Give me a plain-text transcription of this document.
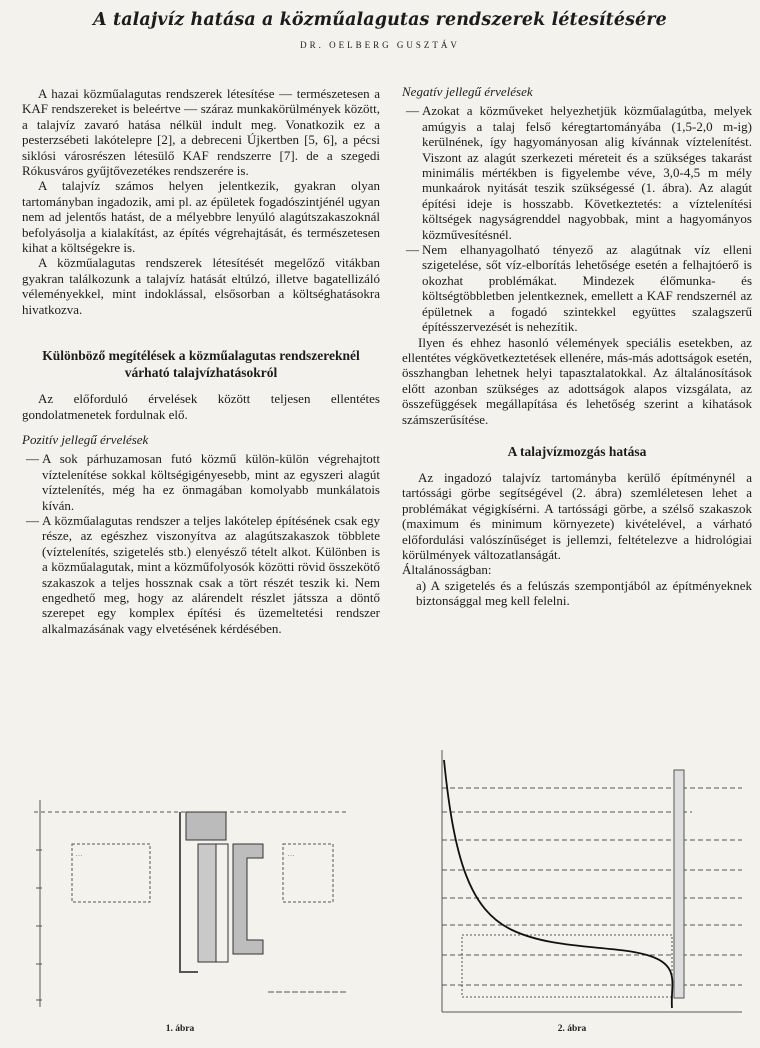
A talajvíz hatása a közműalagutas rendszerek létesítésére
DR. OELBERG GUSZTÁV

A hazai közműalagutas rendszerek létesítése — természetesen a KAF rendszereket is beleértve — száraz munkakörülmények között, a talajvíz zavaró hatása nélkül indult meg. Vonatkozik ez a pesterzsébeti lakótelepre [2], a debreceni Újkertben [5, 6], a pécsi siklósi városrészen létesülő KAF rendszerre [7]. de a szegedi Rókusváros gyűjtővezetékes rendszerére is.

A talajvíz számos helyen jelentkezik, gyakran olyan tartományban ingadozik, ami pl. az épületek fogadószintjénél ugyan nem ad jelentős hatást, de a mélyebbre lenyúló alagútszakaszoknál befolyásolja a kialakítást, az építés végrehajtását, és természetesen kihat a költségekre is.

A közműalagutas rendszerek létesítését megelőző vitákban gyakran találkozunk a talajvíz hatását eltúlzó, illetve bagatellizáló véleményekkel, mint indoklással, elsősorban a költséghatásokra hivatkozva.

Különböző megítélések a közműalagutas rendszereknél várható talajvízhatásokról

Az előforduló érvelések között teljesen ellentétes gondolatmenetek fordulnak elő.

Pozitív jellegű érvelések
— A sok párhuzamosan futó közmű külön-külön végrehajtott víztelenítése sokkal költségigényesebb, mint az egyszeri alagút víztelenítés, még ha ez önmagában komolyabb munkálatois kíván.
— A közműalagutas rendszer a teljes lakótelep építésének csak egy része, az egészhez viszonyítva az alagútszakaszok többlete (víztelenítés, szigetelés stb.) elenyésző tételt alkot. Különben is a közműalagutak, mint a közműfolyosók közötti rövid összekötő szakaszok a teljes hossznak csak a tört részét teszik ki. Nem engedhető meg, hogy az alárendelt részlet játssza a döntő szerepet egy komplex építési és üzemeltetési rendszer alkalmazásának vagy elvetésének kérdésében.
Negatív jellegű érvelések
— Azokat a közműveket helyezhetjük közműalagútba, melyek amúgyis a talaj felső kéregtartományába (1,5-2,0 m-ig) kerülnének, így hagyományosan alig kívánnak víztelenítést. Viszont az alagút szerkezeti méreteit és a szükséges takarást minimális mértékben is figyelembe véve, 3,0-4,5 m mély munkaárok nyitását teszik szükségessé (1. ábra). Az alagút építési ideje is hosszabb. Következtetés: a víztelenítési költségek nagyságrenddel nagyobbak, mint a hagyományos közművesítésnél.
— Nem elhanyagolható tényező az alagútnak víz elleni szigetelése, sőt víz-elborítás lehetősége esetén a felhajtóerő is okozhat problémákat. Mindezek élőmunka- és költségtöbbletben jelentkeznek, emellett a KAF rendszernél az épületnek a fogadó szintekkel együttes szalagszerű építésszervezését is nehezítik.

Ilyen és ehhez hasonló vélemények speciális esetekben, az ellentétes végkövetkeztetések ellenére, más-más adottságok esetén, összhangban lehetnek helyi tapasztalatokkal. Az általánosítások előtt azonban szükséges az adottságok alapos vizsgálata, az összefüggések megállapítása és lehetőség szerint a kihatások számszerűsítése.

A talajvízmozgás hatása

Az ingadozó talajvíz tartományba kerülő építménynél a tartóssági görbe segítségével (2. ábra) szemléletesen lehet a problémákat végigkísérni. A tartóssági görbe, a szélső szakaszok (maximum és minimum környezete) kivételével, a várható előfordulási valószínűséget is jellemzi, feltételezve a hidrológiai körülmények változatlanságát.

Általánosságban:

a) A szigetelés és a felúszás szempontjából az építményeknek biztonsággal meg kell felelni.

…	…
1. ábra	2. ábra
